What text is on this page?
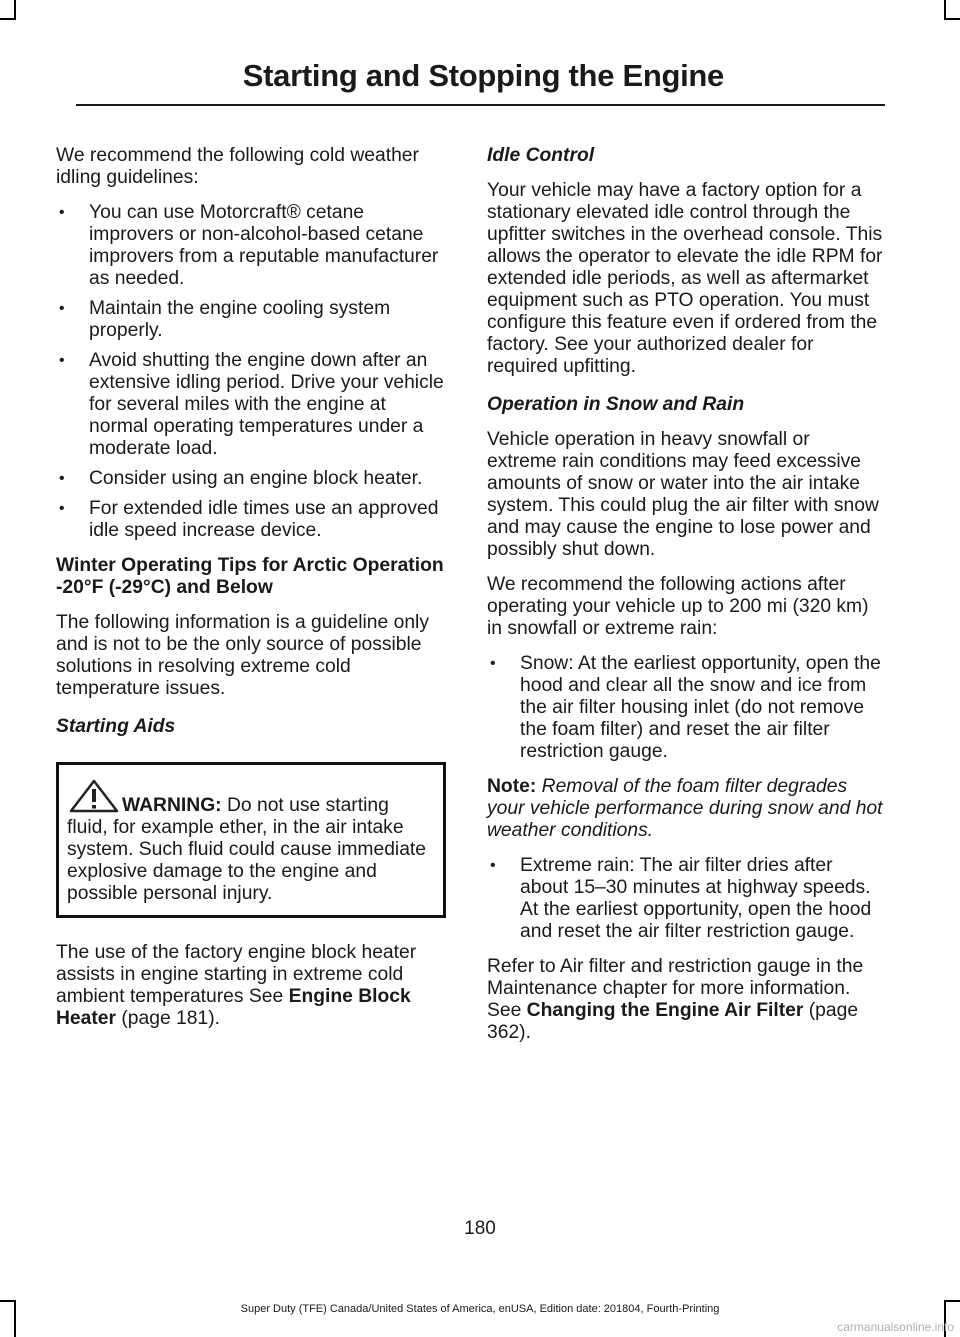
Starting and Stopping the Engine

We recommend the following cold weather idling guidelines:

• You can use Motorcraft® cetane improvers or non-alcohol-based cetane improvers from a reputable manufacturer as needed.
• Maintain the engine cooling system properly.
• Avoid shutting the engine down after an extensive idling period. Drive your vehicle for several miles with the engine at normal operating temperatures under a moderate load.
• Consider using an engine block heater.
• For extended idle times use an approved idle speed increase device.
Winter Operating Tips for Arctic Operation -20°F (-29°C) and Below

The following information is a guideline only and is not to be the only source of possible solutions in resolving extreme cold temperature issues.

Starting Aids

WARNING: Do not use starting fluid, for example ether, in the air intake system. Such fluid could cause immediate explosive damage to the engine and possible personal injury.

The use of the factory engine block heater assists in engine starting in extreme cold ambient temperatures See Engine Block Heater (page 181).

Idle Control

Your vehicle may have a factory option for a stationary elevated idle control through the upfitter switches in the overhead console. This allows the operator to elevate the idle RPM for extended idle periods, as well as aftermarket equipment such as PTO operation. You must configure this feature even if ordered from the factory. See your authorized dealer for required upfitting.

Operation in Snow and Rain

Vehicle operation in heavy snowfall or extreme rain conditions may feed excessive amounts of snow or water into the air intake system. This could plug the air filter with snow and may cause the engine to lose power and possibly shut down.

We recommend the following actions after operating your vehicle up to 200 mi (320 km) in snowfall or extreme rain:

• Snow: At the earliest opportunity, open the hood and clear all the snow and ice from the air filter housing inlet (do not remove the foam filter) and reset the air filter restriction gauge.

Note: Removal of the foam filter degrades your vehicle performance during snow and hot weather conditions.

• Extreme rain: The air filter dries after about 15–30 minutes at highway speeds. At the earliest opportunity, open the hood and reset the air filter restriction gauge.

Refer to Air filter and restriction gauge in the Maintenance chapter for more information. See Changing the Engine Air Filter (page 362).

180
Super Duty (TFE) Canada/United States of America, enUSA, Edition date: 201804, Fourth-Printing
carmanualsonline.info
